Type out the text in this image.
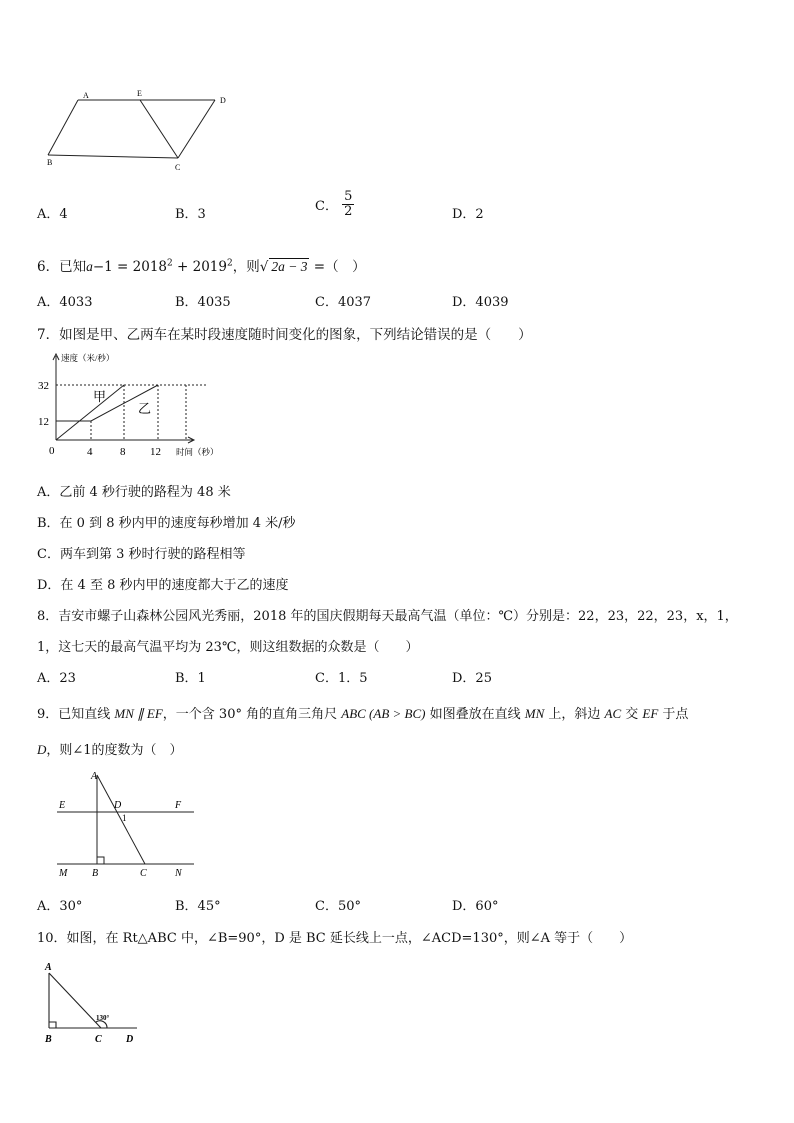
A	E
D
B
C
A．4	B．3
C． $\frac{5}{2}$	D．2
6．已知$a-1 = 2018^2 + 2019^2$，则√ 2a − 3 =（　）
A．4033	B．4035	C．4037	D．4039
7．如图是甲、乙两车在某时段速度随时间变化的图象，下列结论错误的是（　　）
速度（米/秒）
时间（秒）
32
12
0	4	8 12
甲
乙
A．乙前 4 秒行驶的路程为 48 米
B．在 0 到 8 秒内甲的速度每秒增加 4 米/秒
C．两车到第 3 秒时行驶的路程相等
D．在 4 至 8 秒内甲的速度都大于乙的速度
8．吉安市螺子山森林公园风光秀丽，2018 年的国庆假期每天最高气温（单位：℃）分别是：22，23，22，23，x，1，
1，这七天的最高气温平均为 23℃，则这组数据的众数是（　　）
A．23	B．1	C．1．5	D．25
9．已知直线 MN ∥ EF，一个含 30° 角的直角三角尺 ABC (AB > BC) 如图叠放在直线 MN 上，斜边 AC 交 EF 于点
D，则∠1的度数为（　）
A
E	D	F
1
M B	C	N
A．30°	B．45°	C．50°	D．60°
10．如图，在 Rt△ABC 中，∠B=90°，D 是 BC 延长线上一点，∠ACD=130°，则∠A 等于（　　）
A
B	C D
130°
